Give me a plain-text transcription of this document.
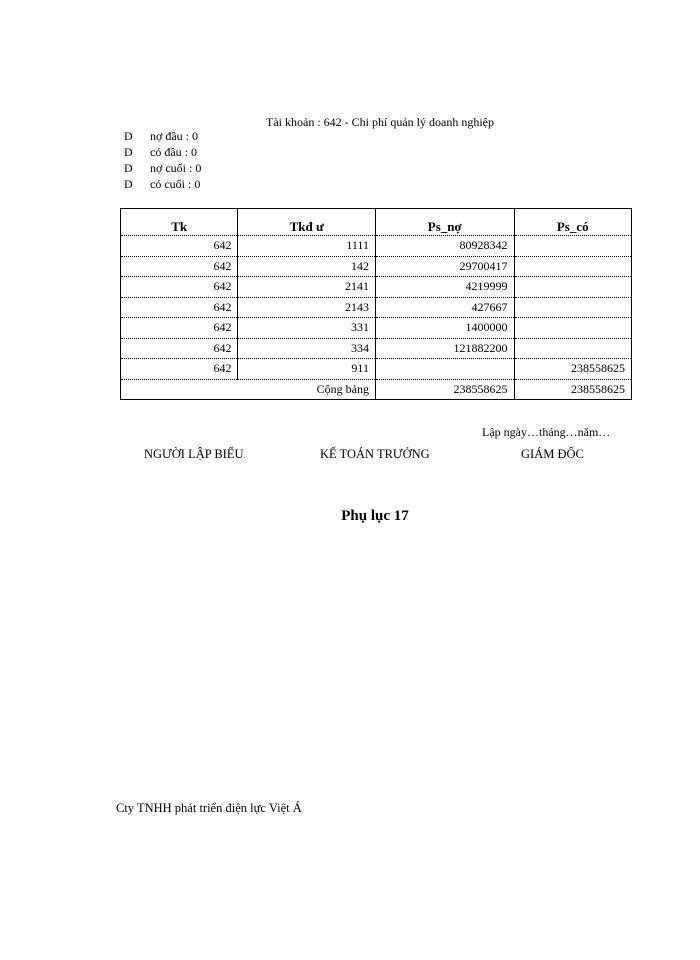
Tài khoản : 642 - Chi phí quản lý doanh nghiệp
D	nợ đầu : 0
D	có đầu : 0
D	nợ cuối : 0
D	có cuối : 0
Tk	Tkđ ư	Ps_nợ	Ps_có
642	1111	80928342	
642	142	29700417	
642	2141	4219999	
642	2143	427667	
642	331	1400000	
642	334	121882200	
642	911		238558625
	Cộng bảng	238558625	238558625
Lập ngày…tháng…năm…
NGƯỜI LẬP BIỂU	KẾ TOÁN TRƯỞNG	GIÁM ĐỐC
Phụ lục 17
Cty TNHH phát triển điện lực Việt Á
